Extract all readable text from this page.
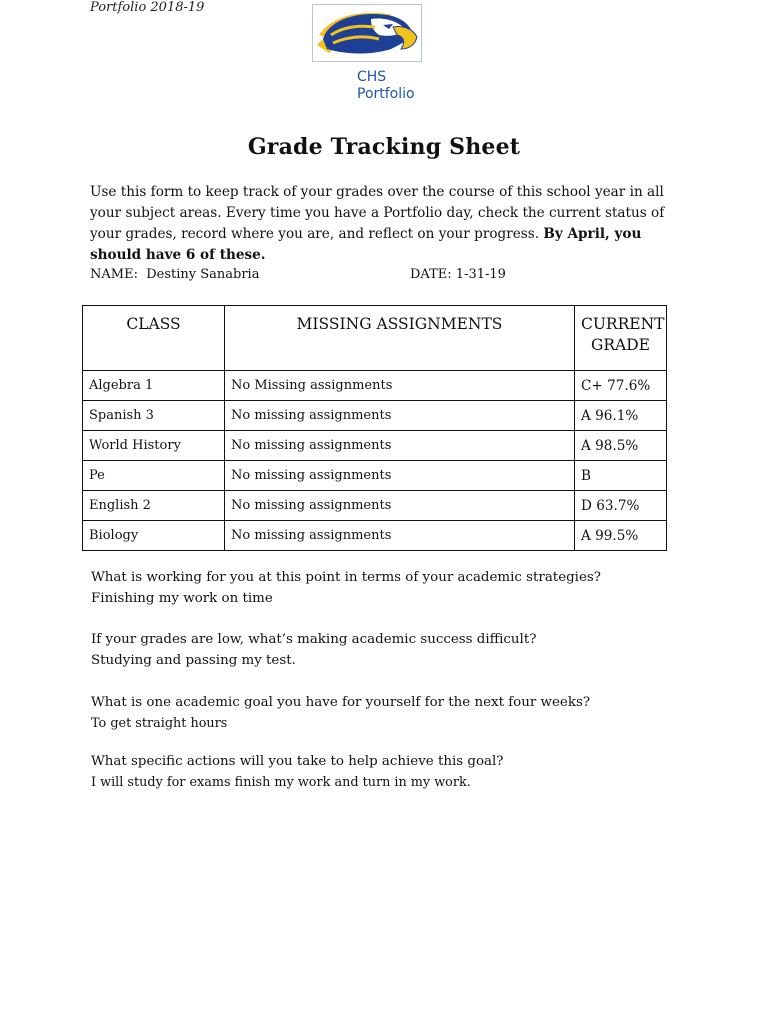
Portfolio 2018-19
CHS
Portfolio
Grade Tracking Sheet
Use this form to keep track of your grades over the course of this school year in all your subject areas. Every time you have a Portfolio day, check the current status of your grades, record where you are, and reflect on your progress. By April, you should have 6 of these.
NAME: Destiny Sanabria	DATE: 1-31-19
CLASS	MISSING ASSIGNMENTS	CURRENT GRADE
Algebra 1	No Missing assignments	C+ 77.6%
Spanish 3	No missing assignments	A 96.1%
World History	No missing assignments	A 98.5%
Pe	No missing assignments	B
English 2	No missing assignments	D 63.7%
Biology	No missing assignments	A 99.5%
What is working for you at this point in terms of your academic strategies?
Finishing my work on time
If your grades are low, what’s making academic success difficult?
Studying and passing my test.
What is one academic goal you have for yourself for the next four weeks?
To get straight hours
What specific actions will you take to help achieve this goal?
I will study for exams finish my work and turn in my work.
